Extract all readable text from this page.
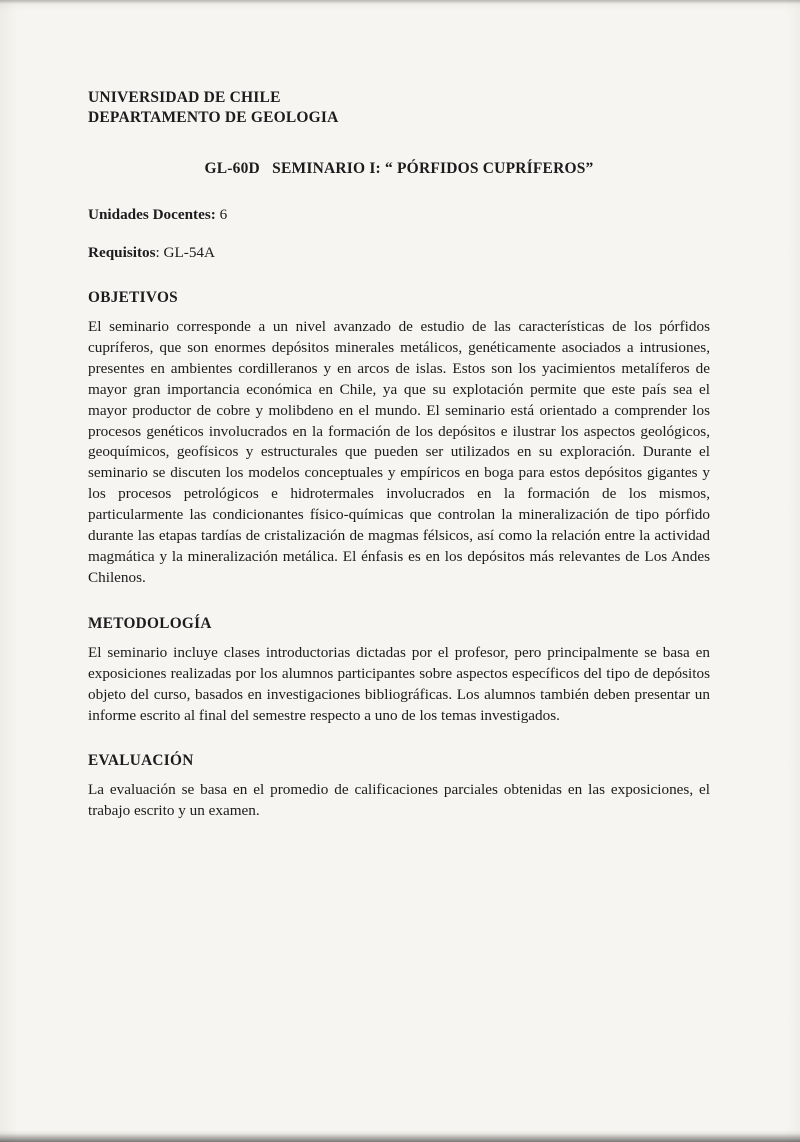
UNIVERSIDAD DE CHILE
DEPARTAMENTO DE GEOLOGIA
GL-60D   SEMINARIO I: “ PÓRFIDOS CUPRÍFEROS”
Unidades Docentes: 6
Requisitos: GL-54A
OBJETIVOS
El seminario corresponde a un nivel avanzado de estudio de las características de los pórfidos cupríferos, que son enormes depósitos minerales metálicos, genéticamente asociados a intrusiones, presentes en ambientes cordilleranos y en arcos de islas. Estos son los yacimientos metalíferos de mayor gran importancia económica en Chile, ya que su explotación permite que este país sea el mayor productor de cobre y molibdeno en el mundo. El seminario está orientado a comprender los procesos genéticos involucrados en la formación de los depósitos e ilustrar los aspectos geológicos, geoquímicos, geofísicos y estructurales que pueden ser utilizados en su exploración. Durante el seminario se discuten los modelos conceptuales y empíricos en boga para estos depósitos gigantes y los procesos petrológicos e hidrotermales involucrados en la formación de los mismos, particularmente las condicionantes físico-químicas que controlan la mineralización de tipo pórfido durante las etapas tardías de cristalización de magmas félsicos, así como la relación entre la actividad magmática y la mineralización metálica. El énfasis es en los depósitos más relevantes de Los Andes Chilenos.
METODOLOGÍA
El seminario incluye clases introductorias dictadas por el profesor, pero principalmente se basa en exposiciones realizadas por los alumnos participantes sobre aspectos específicos del tipo de depósitos objeto del curso, basados en investigaciones bibliográficas. Los alumnos también deben presentar un informe escrito al final del semestre respecto a uno de los temas investigados.
EVALUACIÓN
La evaluación se basa en el promedio de calificaciones parciales obtenidas en las exposiciones, el trabajo escrito y un examen.
